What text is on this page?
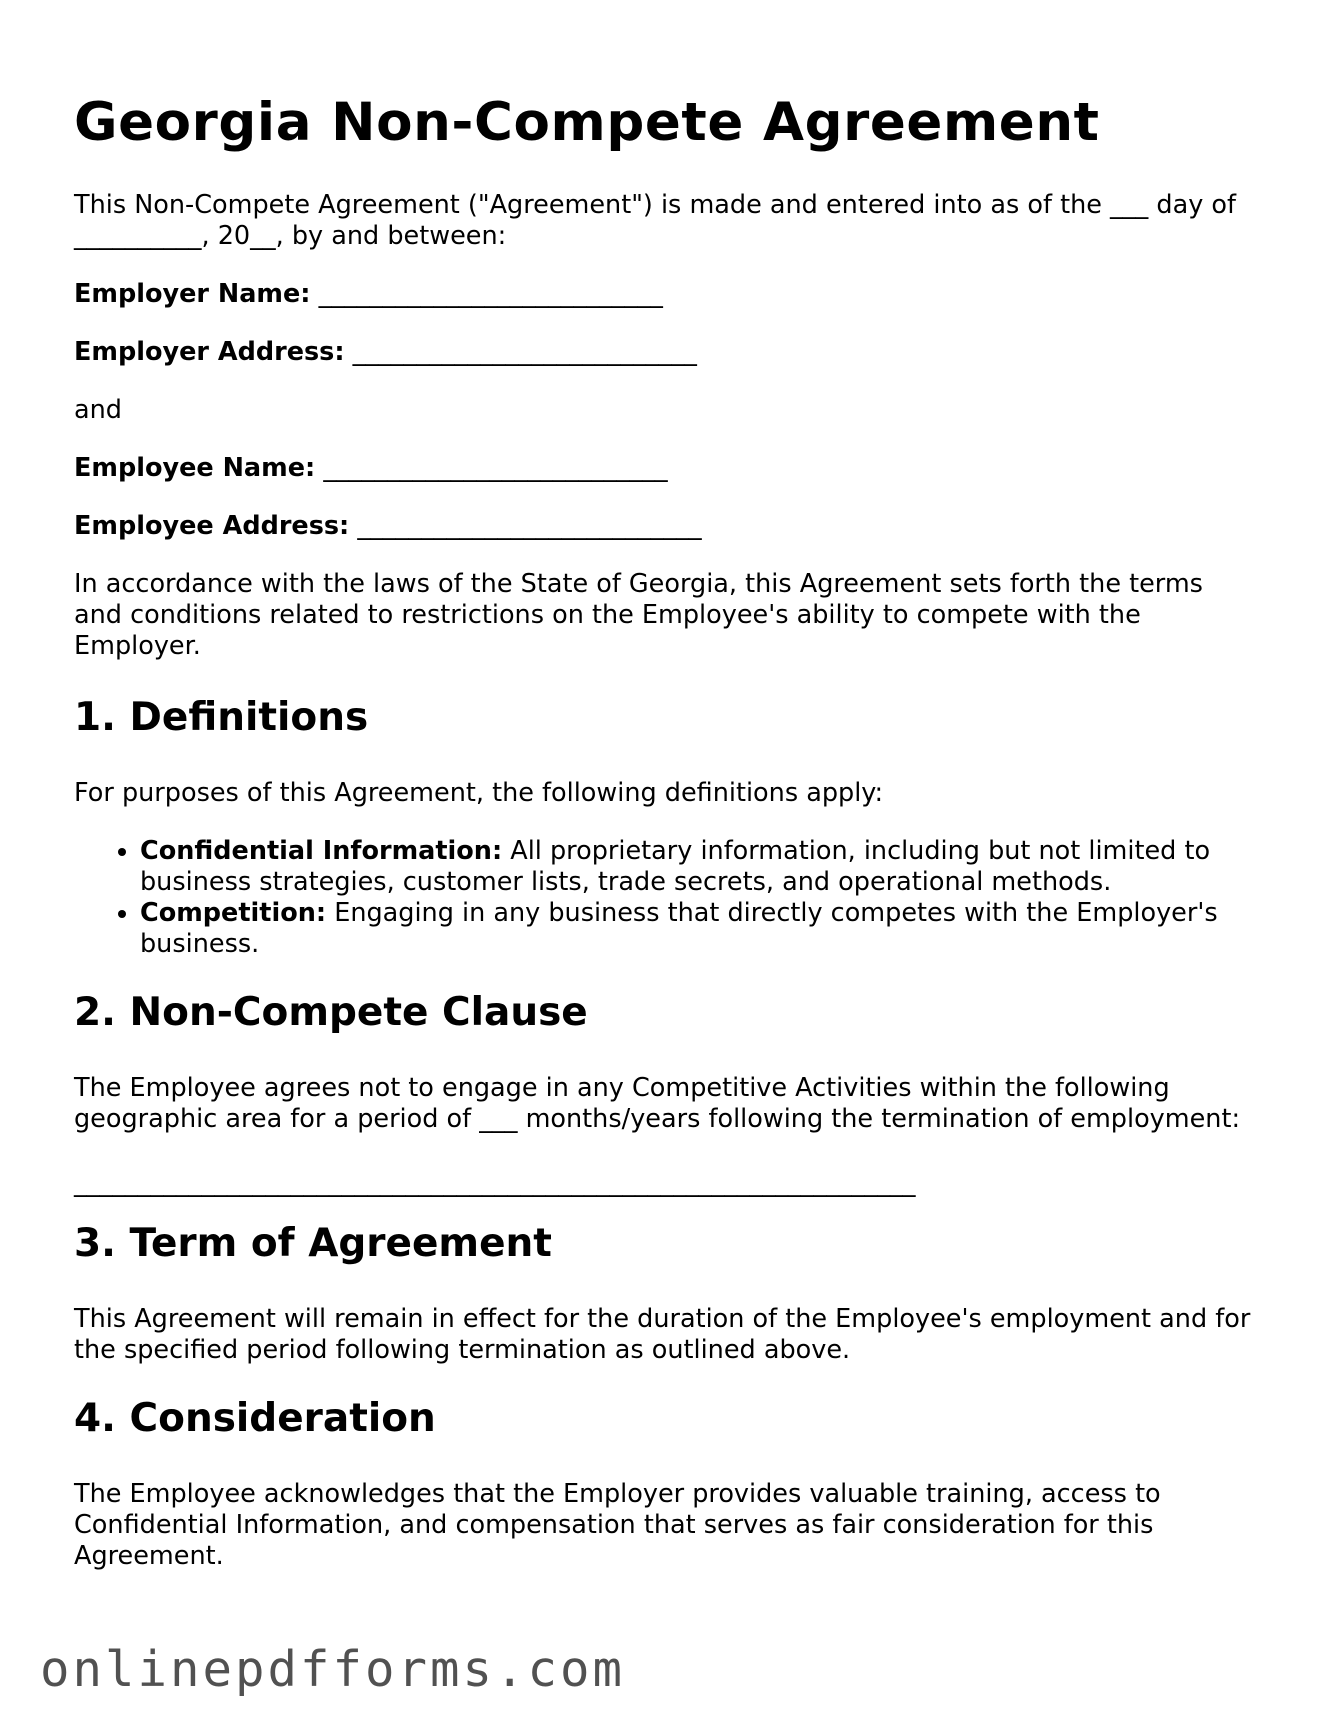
Georgia Non-Compete Agreement

This Non-Compete Agreement ("Agreement") is made and entered into as of the ___ day of __________, 20__, by and between:

Employer Name: ___________________________

Employer Address: ___________________________

and

Employee Name: ___________________________

Employee Address: ___________________________

In accordance with the laws of the State of Georgia, this Agreement sets forth the terms and conditions related to restrictions on the Employee's ability to compete with the Employer.

1. Definitions

For purposes of this Agreement, the following definitions apply:

• Confidential Information: All proprietary information, including but not limited to business strategies, customer lists, trade secrets, and operational methods.
• Competition: Engaging in any business that directly competes with the Employer's business.
2. Non-Compete Clause

The Employee agrees not to engage in any Competitive Activities within the following geographic area for a period of ___ months/years following the termination of employment:

__________________________________________________________________

3. Term of Agreement

This Agreement will remain in effect for the duration of the Employee's employment and for the specified period following termination as outlined above.

4. Consideration

The Employee acknowledges that the Employer provides valuable training, access to Confidential Information, and compensation that serves as fair consideration for this Agreement.

onlinepdfforms.com
